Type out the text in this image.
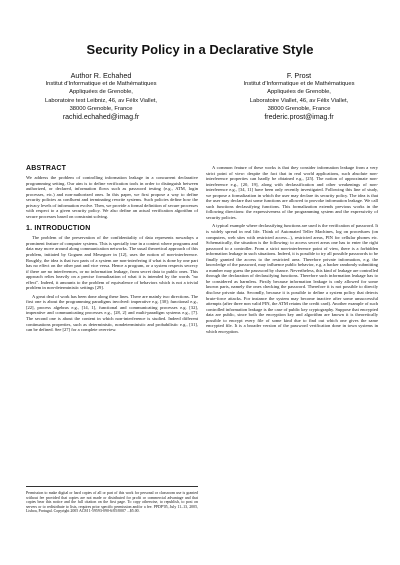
Security Policy in a Declarative Style
Author R. Echahed
Institut d'Informatique et de Mathématiques
Appliquées de Grenoble,
Laboratoire test Leibniz, 46, av Félix Viallet,
38000 Grenoble, France
rachid.echahed@imag.fr
F. Prost
Institut d'Informatique et de Mathématiques
Appliquées de Grenoble,
Laboratoire Viallet, 46, av Félix Viallet,
38000 Grenoble, France
frederic.prost@imag.fr
ABSTRACT

We address the problem of controlling information leakage in a concurrent declarative programming setting. Our aim is to define verification tools in order to distinguish between authorized, or declared, information flows such as password testing (e.g., ATM, login processes, etc.) and non-authorized ones. In this paper, we first propose a way to define security policies as confluent and terminating rewrite systems. Such policies define how the privacy levels of information evolve. Then, we provide a formal definition of secure processes with respect to a given security policy. We also define an actual verification algorithm of secure processes based on constraint solving.

1. INTRODUCTION

The problem of the preservation of the confidentiality of data represents nowadays a prominent feature of computer systems. This is specially true in a context where programs and data may move around along communication networks. The usual theoretical approach of this problem, initiated by Goguen and Meseguer in [12], uses the notion of non-interference. Roughly, the idea is that two parts of a system are non-interfering if what is done by one part has no effect on the other part and vice versa. Hence a program, or a system respects secrecy if there are no interferences, or no information leakage, from secret data to public ones. This approach relies heavily on a precise formalization of what it is intended by the words "no effect". Indeed, it amounts to the problem of equivalence of behaviors which is not a trivial problem in non-deterministic settings [29].

A great deal of work has been done along these lines. There are mainly two directions. The first one is about the programming paradigms involved: imperative e.g. [30]; functional e.g., [22], process algebras e.g., [14, 1], functional and communicating processes e.g. [32], imperative and communicating processes e.g., [28, 2] and multi-paradigm systems e.g., [7]. The second one is about the content in which non-interference is studied. Indeed different continuations properties, such as deterministic, nondeterministic and probabilistic e.g., [31], can be defined. See [27] for a complete overview.

A common feature of these works is that they consider information leakage from a very strict point of view: despite the fact that in real world applications, such absolute non-interference properties can hardly be obtained e.g., [25]. The notion of approximate non-interference e.g., [20, 19], along with declassification and other weakenings of non-interference e.g., [34, 11] have been only recently investigated. Following this line of study, we propose a formalization in which the user may declare its security policy. The idea is that the user may declare that some functions are allowed to provoke information leakage. We call such functions declassifying functions. This formalization extends previous works in the following directions: the expressiveness of the programming system and the expressivity of security policies.

A typical example where declassifying functions are used is the verification of password. It is widely spread in real life. Think of Automated Teller Machines, log on procedures (on computers, web sites with restricted access...), restricted areas, PIN for cellular phones etc. Schematically, the situation is the following: to access secret areas one has to enter the right password to a controller. From a strict non-interference point of view, there is a forbidden information leakage in such situations. Indeed, it is possible to try all possible passwords to be finally granted the access to the restricted area. Therefore private information, e.g. the knowledge of the password, may influence public behavior, e.g. a hacker randomly submitting a number may guess the password by chance. Nevertheless, this kind of leakage are controlled through the declaration of declassifying functions. Therefore such information leakage has to be considered as harmless. Firstly because information leakage is only allowed for some known parts, namely the ones checking the password. Therefore it is not possible to directly disclose private data. Secondly, because it is possible to define a system policy that detects brute-force attacks. For instance the system may become inactive after some unsuccessful attempts (after three non valid PIN, the ATM retains the credit card). Another example of such controlled information leakage is the case of public key cryptography. Suppose that encrypted data are public, since both the encryption key and algorithm are known it is theoretically possible to encrypt every file of some kind due to find out which one gives the same encrypted file. It is a broader version of the password verification done in town systems in which encryption.

Permission to make digital or hard copies of all or part of this work for personal or classroom use is granted without fee provided that copies are not made or distributed for profit or commercial advantage and that copies bear this notice and the full citation on the first page. To copy otherwise, to republish, to post on servers or to redistribute to lists, requires prior specific permission and/or a fee. PPDP'05, July 11–13, 2005, Lisboa, Portugal. Copyright 2005 ACM 1-59593-090-6/05/0007 ...$5.00.
